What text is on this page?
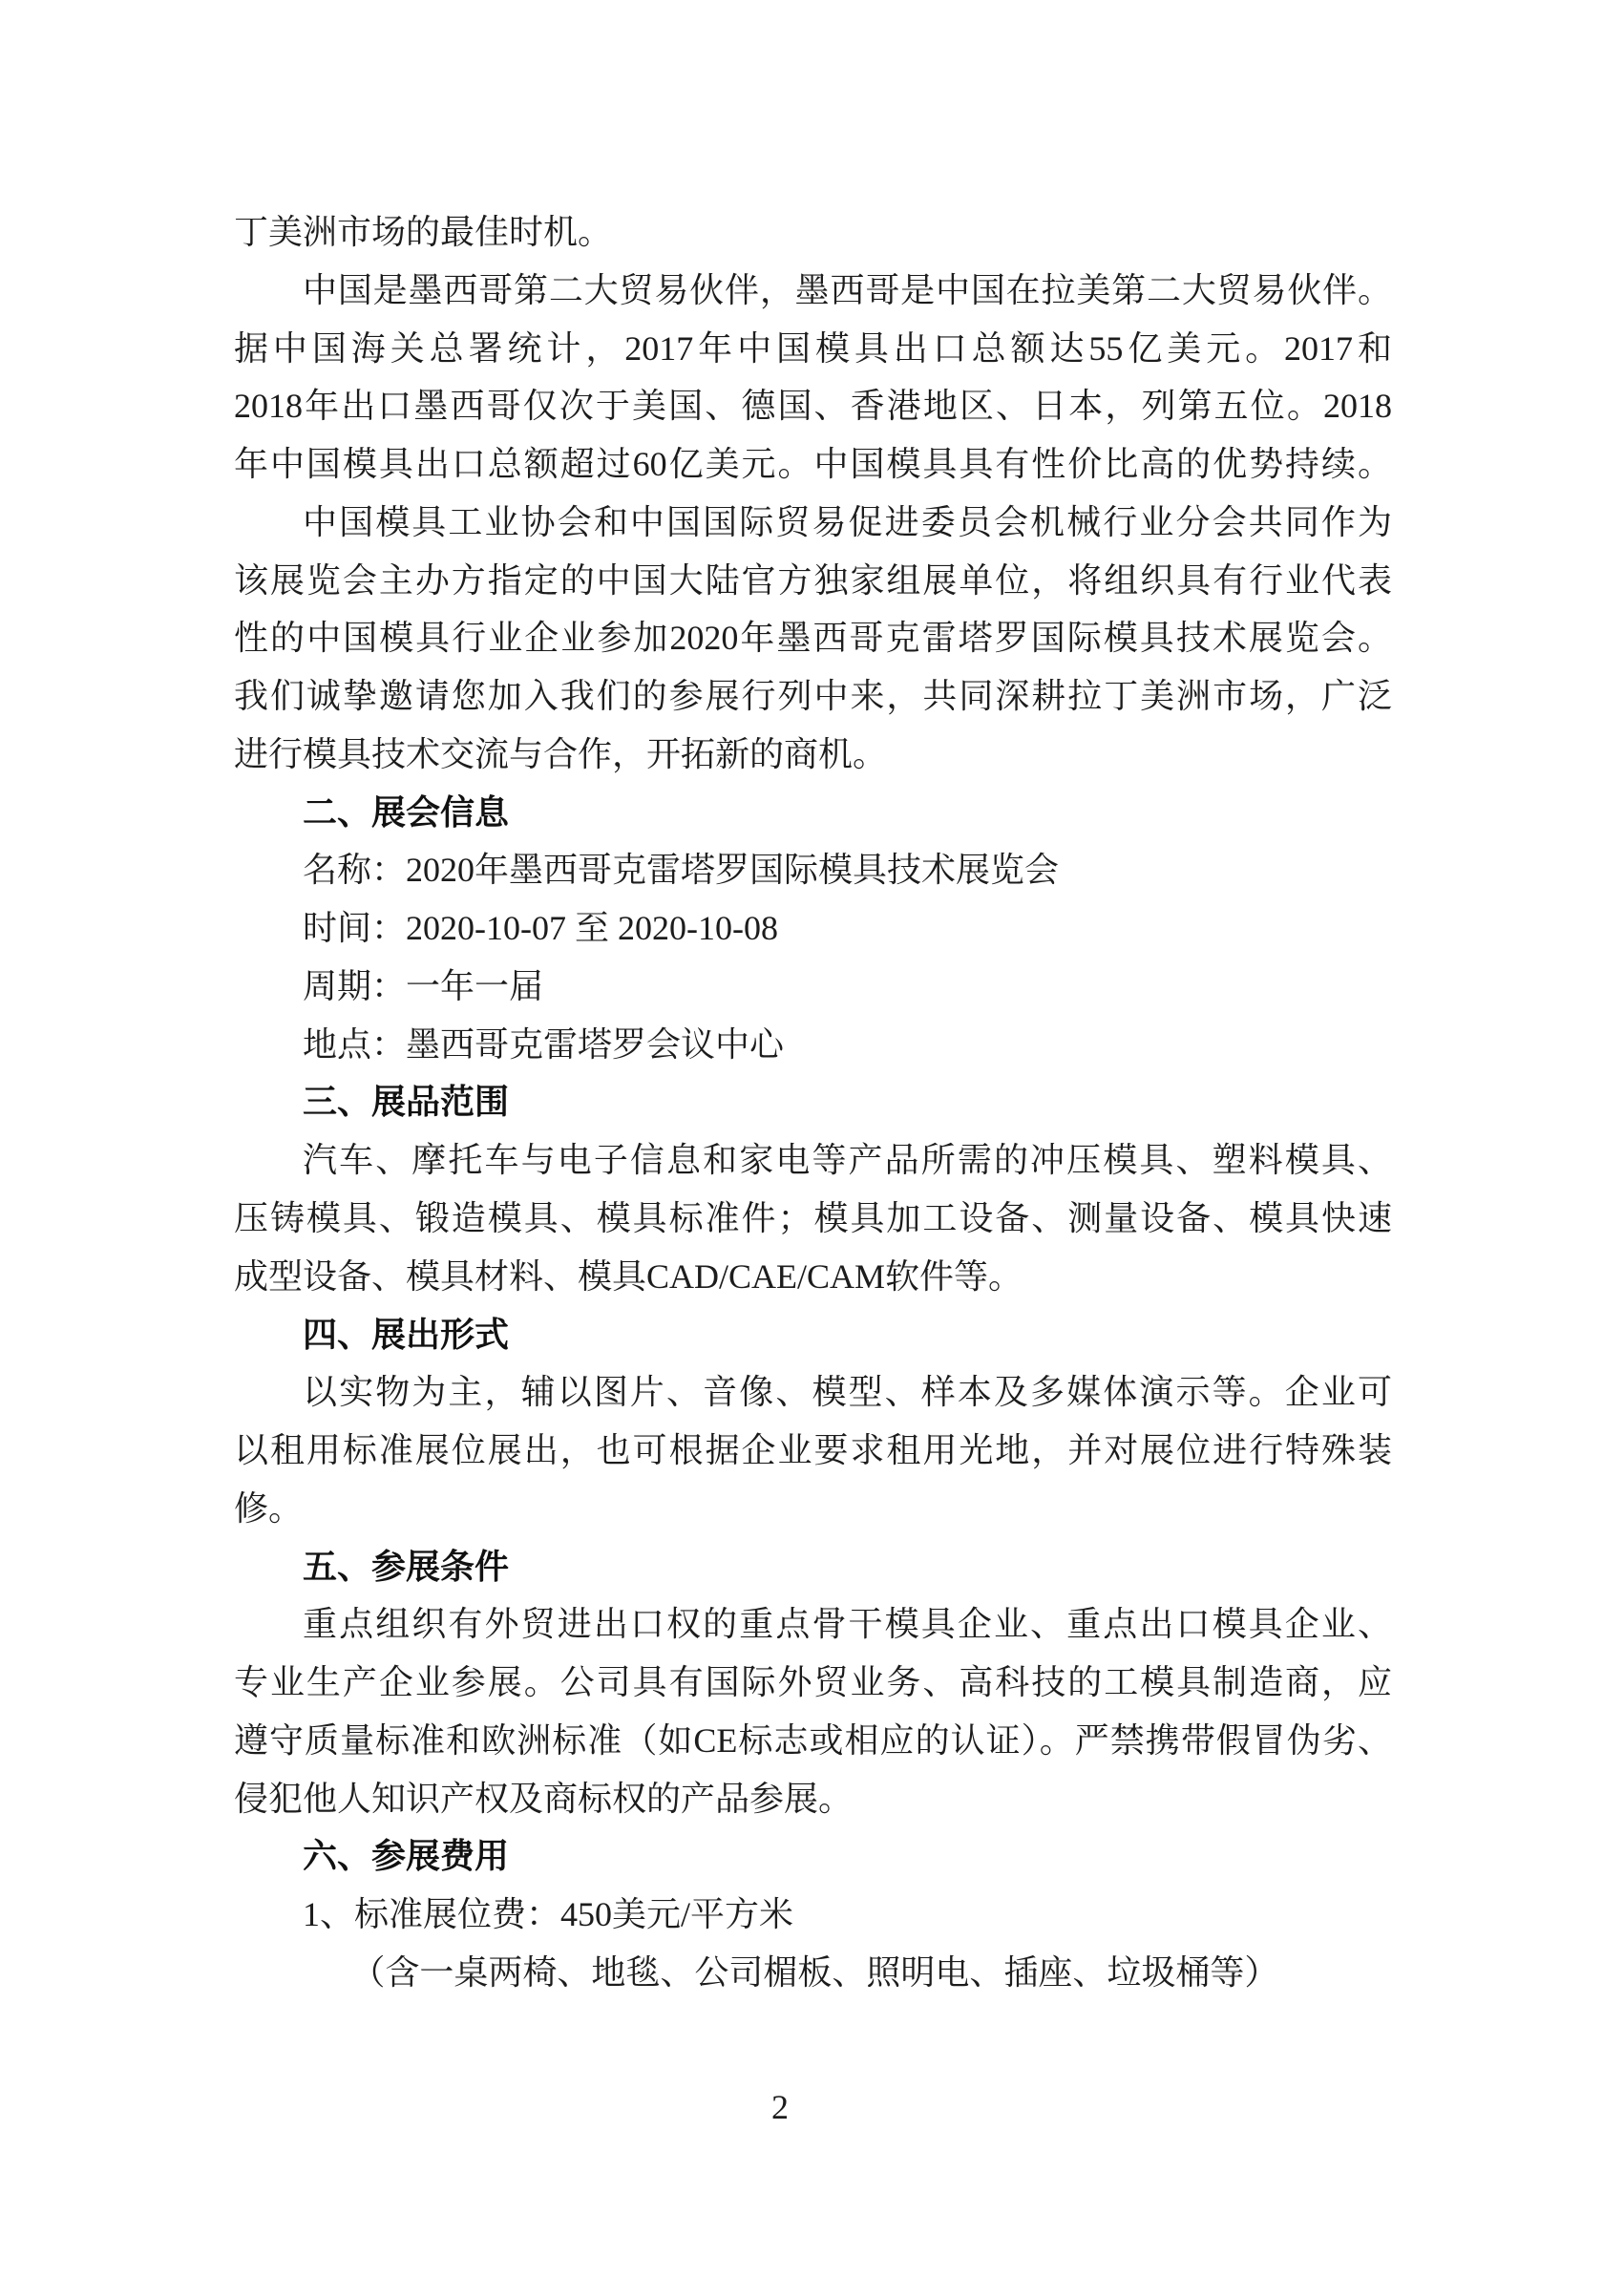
丁美洲市场的最佳时机。
中国是墨西哥第二大贸易伙伴，墨西哥是中国在拉美第二大贸易伙伴。
据中国海关总署统计，2017年中国模具出口总额达55亿美元。2017和
2018年出口墨西哥仅次于美国、德国、香港地区、日本，列第五位。2018
年中国模具出口总额超过60亿美元。中国模具具有性价比高的优势持续。
中国模具工业协会和中国国际贸易促进委员会机械行业分会共同作为
该展览会主办方指定的中国大陆官方独家组展单位，将组织具有行业代表
性的中国模具行业企业参加2020年墨西哥克雷塔罗国际模具技术展览会。
我们诚挚邀请您加入我们的参展行列中来，共同深耕拉丁美洲市场，广泛
进行模具技术交流与合作，开拓新的商机。
二、展会信息
名称：2020年墨西哥克雷塔罗国际模具技术展览会
时间：2020-10-07 至 2020-10-08
周期：一年一届
地点：墨西哥克雷塔罗会议中心
三、展品范围
汽车、摩托车与电子信息和家电等产品所需的冲压模具、塑料模具、
压铸模具、锻造模具、模具标准件；模具加工设备、测量设备、模具快速
成型设备、模具材料、模具CAD/CAE/CAM软件等。
四、展出形式
以实物为主，辅以图片、音像、模型、样本及多媒体演示等。企业可
以租用标准展位展出，也可根据企业要求租用光地，并对展位进行特殊装
修。
五、参展条件
重点组织有外贸进出口权的重点骨干模具企业、重点出口模具企业、
专业生产企业参展。公司具有国际外贸业务、高科技的工模具制造商，应
遵守质量标准和欧洲标准（如CE标志或相应的认证）。严禁携带假冒伪劣、
侵犯他人知识产权及商标权的产品参展。
六、参展费用
1、标准展位费：450美元/平方米
（含一桌两椅、地毯、公司楣板、照明电、插座、垃圾桶等）
2
